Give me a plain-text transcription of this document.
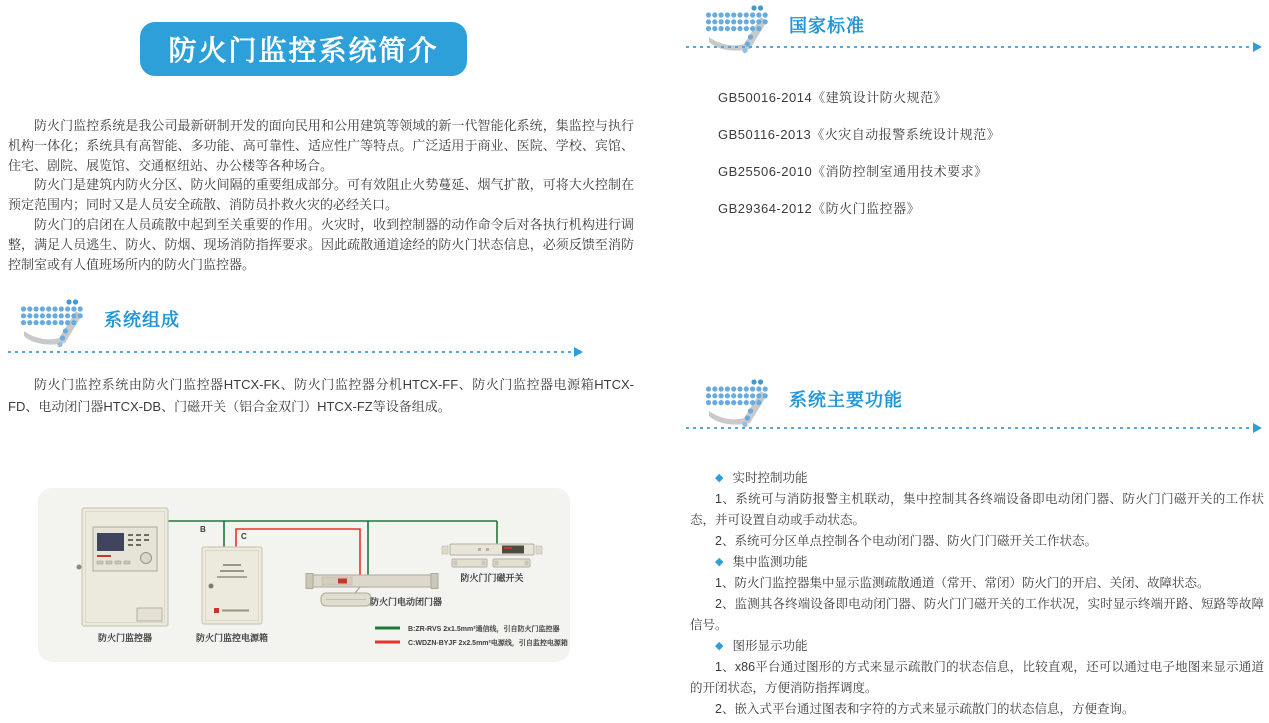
防火门监控系统简介

防火门监控系统是我公司最新研制开发的面向民用和公用建筑等领域的新一代智能化系统，集监控与执行机构一体化；系统具有高智能、多功能、高可靠性、适应性广等特点。广泛适用于商业、医院、学校、宾馆、住宅、剧院、展览馆、交通枢纽站、办公楼等各种场合。

防火门是建筑内防火分区、防火间隔的重要组成部分。可有效阻止火势蔓延、烟气扩散，可将大火控制在预定范围内；同时又是人员安全疏散、消防员扑救火灾的必经关口。

防火门的启闭在人员疏散中起到至关重要的作用。火灾时，收到控制器的动作命令后对各执行机构进行调整，满足人员逃生、防火、防烟、现场消防指挥要求。因此疏散通道途经的防火门状态信息，必须反馈至消防控制室或有人值班场所内的防火门监控器。

系统组成

防火门监控系统由防火门监控器HTCX-FK、防火门监控器分机HTCX-FF、防火门监控器电源箱HTCX-FD、电动闭门器HTCX-DB、门磁开关（铝合金双门）HTCX-FZ等设备组成。

B
C
防火门监控器	防火门监控电源箱
防火门电动闭门器
防火门门磁开关
B:ZR-RVS 2x1.5mm²通信线，引自防火门监控器
C:WDZN-BYJF 2x2.5mm²电源线，引自监控电源箱
国家标准

GB50016-2014《建筑设计防火规范》

GB50116-2013《火灾自动报警系统设计规范》

GB25506-2010《消防控制室通用技术要求》

GB29364-2012《防火门监控器》

系统主要功能

◆ 实时控制功能

1、系统可与消防报警主机联动，集中控制其各终端设备即电动闭门器、防火门门磁开关的工作状态，并可设置自动或手动状态。

2、系统可分区单点控制各个电动闭门器、防火门门磁开关工作状态。

◆ 集中监测功能

1、防火门监控器集中显示监测疏散通道（常开、常闭）防火门的开启、关闭、故障状态。

2、监测其各终端设备即电动闭门器、防火门门磁开关的工作状况，实时显示终端开路、短路等故障信号。

◆ 图形显示功能

1、x86平台通过图形的方式来显示疏散门的状态信息，比较直观，还可以通过电子地图来显示通道的开闭状态，方便消防指挥调度。

2、嵌入式平台通过图表和字符的方式来显示疏散门的状态信息，方便查询。
